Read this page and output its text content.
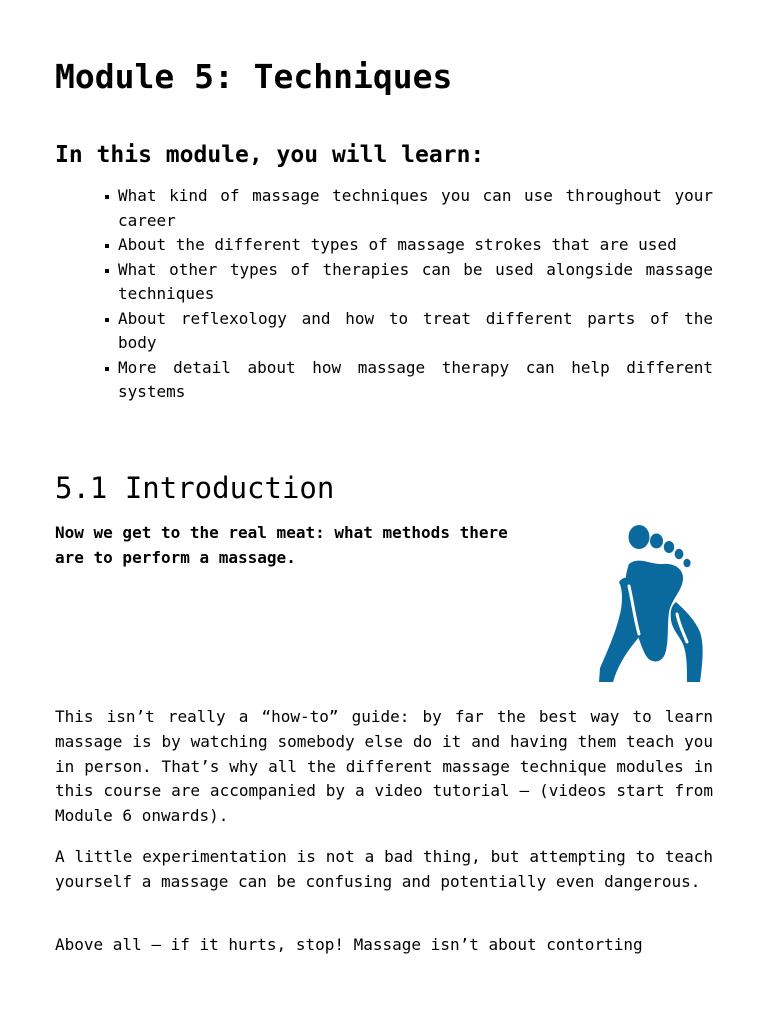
Module 5: Techniques
In this module, you will learn:
What kind of massage techniques you can use throughout your career
About the different types of massage strokes that are used
What other types of therapies can be used alongside massage techniques
About reflexology and how to treat different parts of the body
More detail about how massage therapy can help different systems
5.1 Introduction

Now we get to the real meat: what methods there are to perform a massage.

This isn’t really a “how-to” guide: by far the best way to learn massage is by watching somebody else do it and having them teach you in person. That’s why all the different massage technique modules in this course are accompanied by a video tutorial – (videos start from Module 6 onwards).

A little experimentation is not a bad thing, but attempting to teach yourself a massage can be confusing and potentially even dangerous.

Above all – if it hurts, stop! Massage isn’t about contorting
